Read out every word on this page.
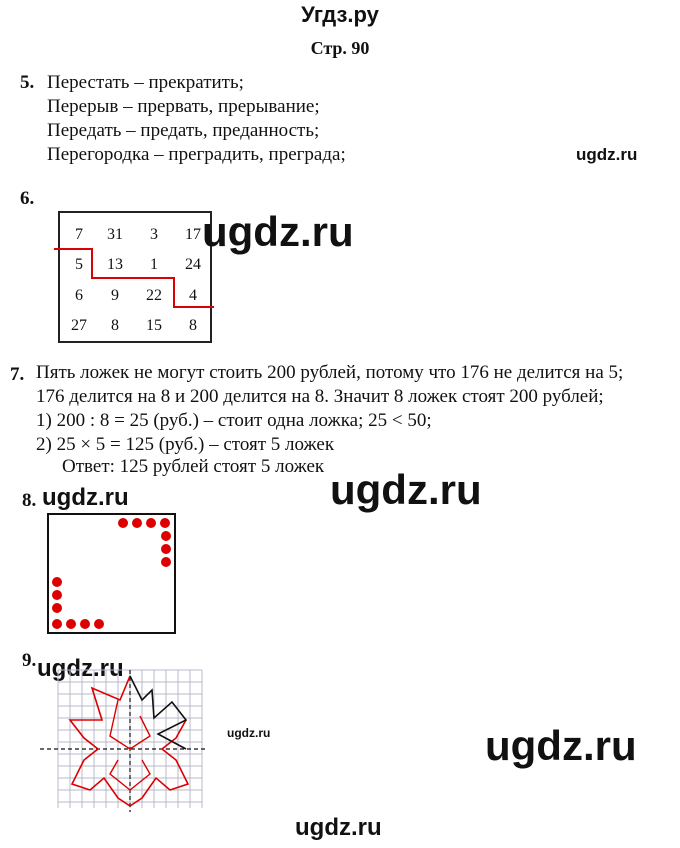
Угдз.ру
Стр. 90
5. Перестать – прекратить;
Перерыв – прервать, прерывание;
Передать – предать, преданность;
Перегородка – преградить, преграда;	ugdz.ru
6.
7	31	3	17
5	13	1	24
6	9	22	4
27	8	15	8
ugdz.ru
7. Пять ложек не могут стоить 200 рублей, потому что 176 не делится на 5;
176 делится на 8 и 200 делится на 8. Значит 8 ложек стоят 200 рублей;
1) 200 : 8 = 25 (руб.) – стоит одна ложка; 25 < 50;
2) 25 × 5 = 125 (руб.) – стоят 5 ложек
Ответ: 125 рублей стоят 5 ложек
8. ugdz.ru	ugdz.ru
9. ugdz.ru
ugdz.ru	ugdz.ru
ugdz.ru
